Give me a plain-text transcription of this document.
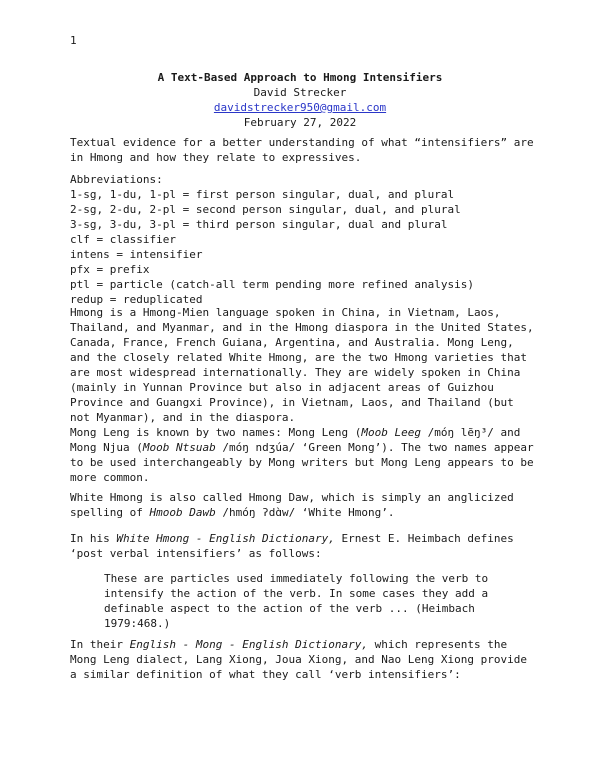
1
A Text-Based Approach to Hmong Intensifiers
David Strecker
davidstrecker950@gmail.com
February 27, 2022
Textual evidence for a better understanding of what “intensifiers” are
in Hmong and how they relate to expressives.
Abbreviations:
1-sg, 1-du, 1-pl = first person singular, dual, and plural
2-sg, 2-du, 2-pl = second person singular, dual, and plural
3-sg, 3-du, 3-pl = third person singular, dual and plural
clf = classifier
intens = intensifier
pfx = prefix
ptl = particle (catch-all term pending more refined analysis)
redup = reduplicated
Hmong is a Hmong-Mien language spoken in China, in Vietnam, Laos,
Thailand, and Myanmar, and in the Hmong diaspora in the United States,
Canada, France, French Guiana, Argentina, and Australia. Mong Leng,
and the closely related White Hmong, are the two Hmong varieties that
are most widespread internationally. They are widely spoken in China
(mainly in Yunnan Province but also in adjacent areas of Guizhou
Province and Guangxi Province), in Vietnam, Laos, and Thailand (but
not Myanmar), and in the diaspora.
Mong Leng is known by two names: Mong Leng (Moob Leeg /móŋ lẽŋ³/ and
Mong Njua (Moob Ntsuab /móŋ ndʒúa/ ‘Green Mong’). The two names appear
to be used interchangeably by Mong writers but Mong Leng appears to be
more common.
White Hmong is also called Hmong Daw, which is simply an anglicized
spelling of Hmoob Dawb /hmóŋ ʔdɑ̀w/ ‘White Hmong’.
In his White Hmong - English Dictionary, Ernest E. Heimbach defines
‘post verbal intensifiers’ as follows:
These are particles used immediately following the verb to
intensify the action of the verb. In some cases they add a
definable aspect to the action of the verb ... (Heimbach
1979:468.)
In their English - Mong - English Dictionary, which represents the
Mong Leng dialect, Lang Xiong, Joua Xiong, and Nao Leng Xiong provide
a similar definition of what they call ‘verb intensifiers’:
